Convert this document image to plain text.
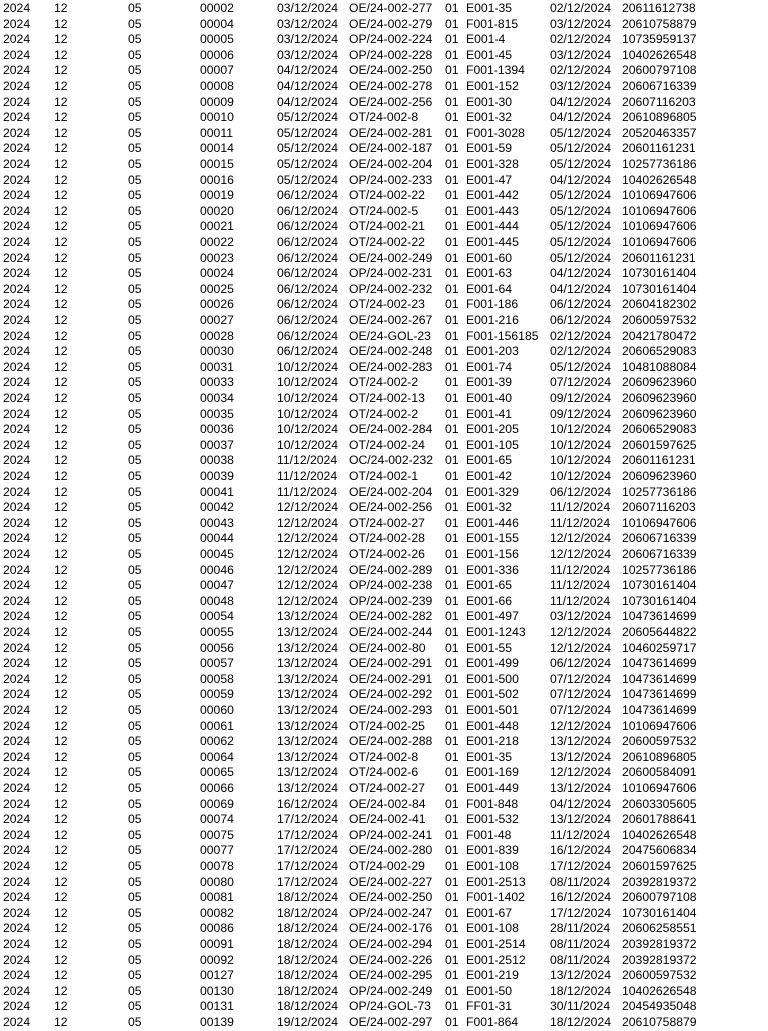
2024 12	05	00002	03/12/2024 OE/24-002-277 01 E001-35	02/12/2024 20611612738
2024 12	05	00004	03/12/2024 OE/24-002-279 01 F001-815	03/12/2024 20610758879
2024 12	05	00005	03/12/2024 OP/24-002-224 01 E001-4	02/12/2024 10735959137
2024 12	05	00006	03/12/2024 OP/24-002-228 01 E001-45	03/12/2024 10402626548
2024 12	05	00007	04/12/2024 OE/24-002-250 01 F001-1394 02/12/2024 20600797108
2024 12	05	00008	04/12/2024 OE/24-002-278 01 E001-152	03/12/2024 20606716339
2024 12	05	00009	04/12/2024 OE/24-002-256 01 E001-30	04/12/2024 20607116203
2024 12	05	00010	05/12/2024 OT/24-002-8 01 E001-32	04/12/2024 20610896805
2024 12	05	00011	05/12/2024 OE/24-002-281 01 F001-3028 05/12/2024 20520463357
2024 12	05	00014	05/12/2024 OE/24-002-187 01 E001-59	05/12/2024 20601161231
2024 12	05	00015	05/12/2024 OE/24-002-204 01 E001-328	05/12/2024 10257736186
2024 12	05	00016	05/12/2024 OP/24-002-233 01 E001-47	04/12/2024 10402626548
2024 12	05	00019	06/12/2024 OT/24-002-22 01 E001-442	05/12/2024 10106947606
2024 12	05	00020	06/12/2024 OT/24-002-5 01 E001-443	05/12/2024 10106947606
2024 12	05	00021	06/12/2024 OT/24-002-21 01 E001-444	05/12/2024 10106947606
2024 12	05	00022	06/12/2024 OT/24-002-22 01 E001-445	05/12/2024 10106947606
2024 12	05	00023	06/12/2024 OE/24-002-249 01 E001-60	05/12/2024 20601161231
2024 12	05	00024	06/12/2024 OP/24-002-231 01 E001-63	04/12/2024 10730161404
2024 12	05	00025	06/12/2024 OP/24-002-232 01 E001-64	04/12/2024 10730161404
2024 12	05	00026	06/12/2024 OT/24-002-23 01 F001-186	06/12/2024 20604182302
2024 12	05	00027	06/12/2024 OE/24-002-267 01 E001-216	06/12/2024 20600597532
2024 12	05	00028	06/12/2024 OE/24-GOL-23 01 F001-156185 02/12/2024 20421780472
2024 12	05	00030	06/12/2024 OE/24-002-248 01 E001-203	02/12/2024 20606529083
2024 12	05	00031	10/12/2024 OE/24-002-283 01 E001-74	05/12/2024 10481088084
2024 12	05	00033	10/12/2024 OT/24-002-2 01 E001-39	07/12/2024 20609623960
2024 12	05	00034	10/12/2024 OT/24-002-13 01 E001-40	09/12/2024 20609623960
2024 12	05	00035	10/12/2024 OT/24-002-2 01 E001-41	09/12/2024 20609623960
2024 12	05	00036	10/12/2024 OE/24-002-284 01 E001-205	10/12/2024 20606529083
2024 12	05	00037	10/12/2024 OT/24-002-24 01 E001-105	10/12/2024 20601597625
2024 12	05	00038	11/12/2024 OC/24-002-232 01 E001-65	10/12/2024 20601161231
2024 12	05	00039	11/12/2024 OT/24-002-1 01 E001-42	10/12/2024 20609623960
2024 12	05	00041	11/12/2024 OE/24-002-204 01 E001-329	06/12/2024 10257736186
2024 12	05	00042	12/12/2024 OE/24-002-256 01 E001-32	11/12/2024 20607116203
2024 12	05	00043	12/12/2024 OT/24-002-27 01 E001-446	11/12/2024 10106947606
2024 12	05	00044	12/12/2024 OT/24-002-28 01 E001-155	12/12/2024 20606716339
2024 12	05	00045	12/12/2024 OT/24-002-26 01 E001-156	12/12/2024 20606716339
2024 12	05	00046	12/12/2024 OE/24-002-289 01 E001-336	11/12/2024 10257736186
2024 12	05	00047	12/12/2024 OP/24-002-238 01 E001-65	11/12/2024 10730161404
2024 12	05	00048	12/12/2024 OP/24-002-239 01 E001-66	11/12/2024 10730161404
2024 12	05	00054	13/12/2024 OE/24-002-282 01 E001-497	03/12/2024 10473614699
2024 12	05	00055	13/12/2024 OE/24-002-244 01 E001-1243 12/12/2024 20605644822
2024 12	05	00056	13/12/2024 OE/24-002-80 01 E001-55	12/12/2024 10460259717
2024 12	05	00057	13/12/2024 OE/24-002-291 01 E001-499	06/12/2024 10473614699
2024 12	05	00058	13/12/2024 OE/24-002-291 01 E001-500	07/12/2024 10473614699
2024 12	05	00059	13/12/2024 OE/24-002-292 01 E001-502	07/12/2024 10473614699
2024 12	05	00060	13/12/2024 OE/24-002-293 01 E001-501	07/12/2024 10473614699
2024 12	05	00061	13/12/2024 OT/24-002-25 01 E001-448	12/12/2024 10106947606
2024 12	05	00062	13/12/2024 OE/24-002-288 01 E001-218	13/12/2024 20600597532
2024 12	05	00064	13/12/2024 OT/24-002-8 01 E001-35	13/12/2024 20610896805
2024 12	05	00065	13/12/2024 OT/24-002-6 01 E001-169	12/12/2024 20600584091
2024 12	05	00066	13/12/2024 OT/24-002-27 01 E001-449	13/12/2024 10106947606
2024 12	05	00069	16/12/2024 OE/24-002-84 01 F001-848	04/12/2024 20603305605
2024 12	05	00074	17/12/2024 OE/24-002-41 01 E001-532	13/12/2024 20601788641
2024 12	05	00075	17/12/2024 OP/24-002-241 01 F001-48	11/12/2024 10402626548
2024 12	05	00077	17/12/2024 OE/24-002-280 01 E001-839	16/12/2024 20475606834
2024 12	05	00078	17/12/2024 OT/24-002-29 01 E001-108	17/12/2024 20601597625
2024 12	05	00080	17/12/2024 OE/24-002-227 01 E001-2513 08/11/2024 20392819372
2024 12	05	00081	18/12/2024 OE/24-002-250 01 F001-1402 16/12/2024 20600797108
2024 12	05	00082	18/12/2024 OP/24-002-247 01 E001-67	17/12/2024 10730161404
2024 12	05	00086	18/12/2024 OE/24-002-176 01 E001-108	28/11/2024 20606258551
2024 12	05	00091	18/12/2024 OE/24-002-294 01 E001-2514 08/11/2024 20392819372
2024 12	05	00092	18/12/2024 OE/24-002-226 01 E001-2512 08/11/2024 20392819372
2024 12	05	00127	18/12/2024 OE/24-002-295 01 E001-219	13/12/2024 20600597532
2024 12	05	00130	18/12/2024 OP/24-002-249 01 E001-50	18/12/2024 10402626548
2024 12	05	00131	18/12/2024 OP/24-GOL-73 01 FF01-31	30/11/2024 20454935048
2024 12	05	00139	19/12/2024 OE/24-002-297 01 F001-864	18/12/2024 20610758879
